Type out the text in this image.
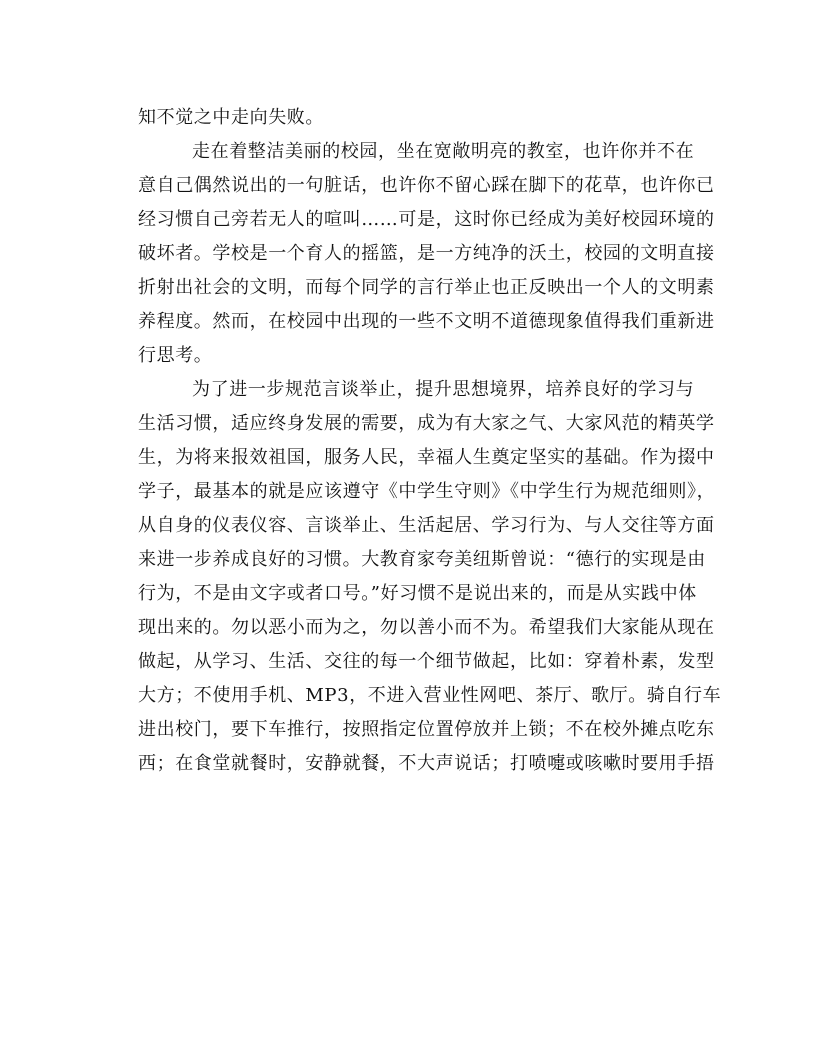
知不觉之中走向失败。
走在着整洁美丽的校园，坐在宽敞明亮的教室，也许你并不在
意自己偶然说出的一句脏话，也许你不留心踩在脚下的花草，也许你已
经习惯自己旁若无人的喧叫……可是，这时你已经成为美好校园环境的
破坏者。学校是一个育人的摇篮，是一方纯净的沃土，校园的文明直接
折射出社会的文明，而每个同学的言行举止也正反映出一个人的文明素
养程度。然而，在校园中出现的一些不文明不道德现象值得我们重新进
行思考。
为了进一步规范言谈举止，提升思想境界，培养良好的学习与
生活习惯，适应终身发展的需要，成为有大家之气、大家风范的精英学
生，为将来报效祖国，服务人民，幸福人生奠定坚实的基础。作为掇中
学子，最基本的就是应该遵守《中学生守则》《中学生行为规范细则》，
从自身的仪表仪容、言谈举止、生活起居、学习行为、与人交往等方面
来进一步养成良好的习惯。大教育家夸美纽斯曾说：“德行的实现是由
行为，不是由文字或者口号。”好习惯不是说出来的，而是从实践中体
现出来的。勿以恶小而为之，勿以善小而不为。希望我们大家能从现在
做起，从学习、生活、交往的每一个细节做起，比如：穿着朴素，发型
大方；不使用手机、MP3，不进入营业性网吧、茶厅、歌厅。骑自行车
进出校门，要下车推行，按照指定位置停放并上锁；不在校外摊点吃东
西；在食堂就餐时，安静就餐，不大声说话；打喷嚏或咳嗽时要用手捂
